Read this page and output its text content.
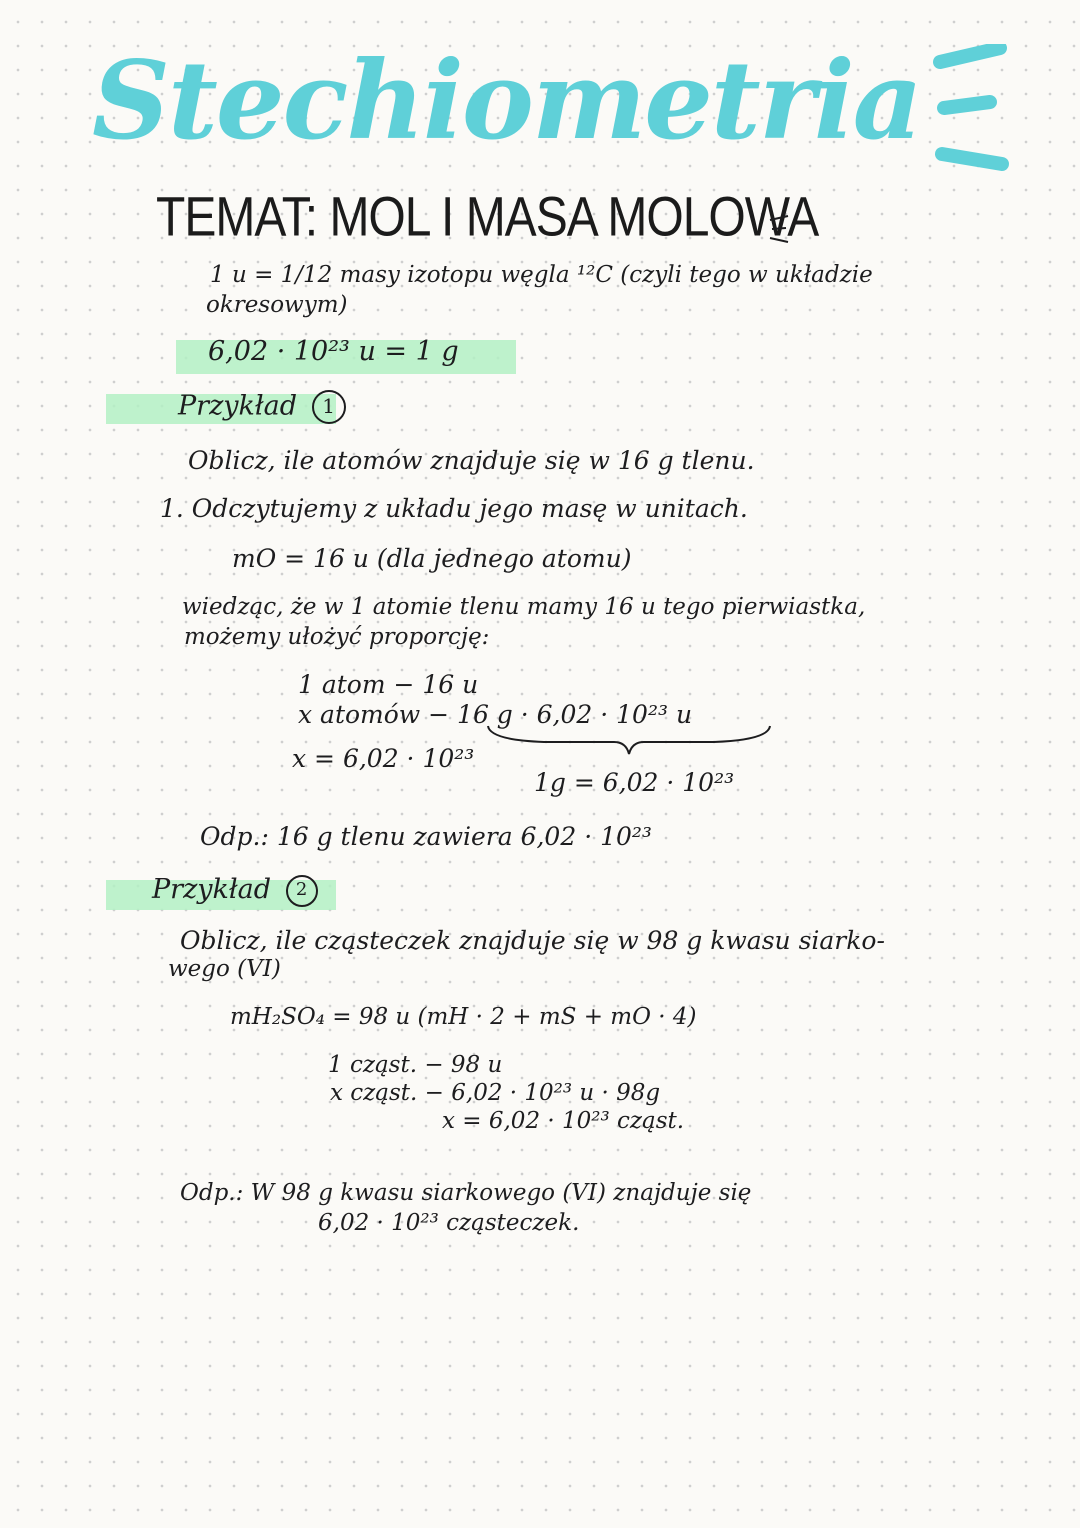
Stechiometria
TEMAT: MOL I MASA MOLOWA
1 u = 1/12 masy izotopu węgla ¹²C (czyli tego w układzie
okresowym)
6,02 · 10²³ u = 1 g
Przykład 1
Oblicz, ile atomów znajduje się w 16 g tlenu.
1. Odczytujemy z układu jego masę w unitach.
mO = 16 u (dla jednego atomu)
wiedząc, że w 1 atomie tlenu mamy 16 u tego pierwiastka,
możemy ułożyć proporcję:
1 atom − 16 u
x atomów − 16 g · 6,02 · 10²³ u
x = 6,02 · 10²³
1g = 6,02 · 10²³
Odp.: 16 g tlenu zawiera 6,02 · 10²³
Przykład 2
Oblicz, ile cząsteczek znajduje się w 98 g kwasu siarko-
wego (VI)
mH₂SO₄ = 98 u (mH · 2 + mS + mO · 4)
1 cząst. − 98 u
x cząst. − 6,02 · 10²³ u · 98g
x = 6,02 · 10²³ cząst.
Odp.: W 98 g kwasu siarkowego (VI) znajduje się
6,02 · 10²³ cząsteczek.
